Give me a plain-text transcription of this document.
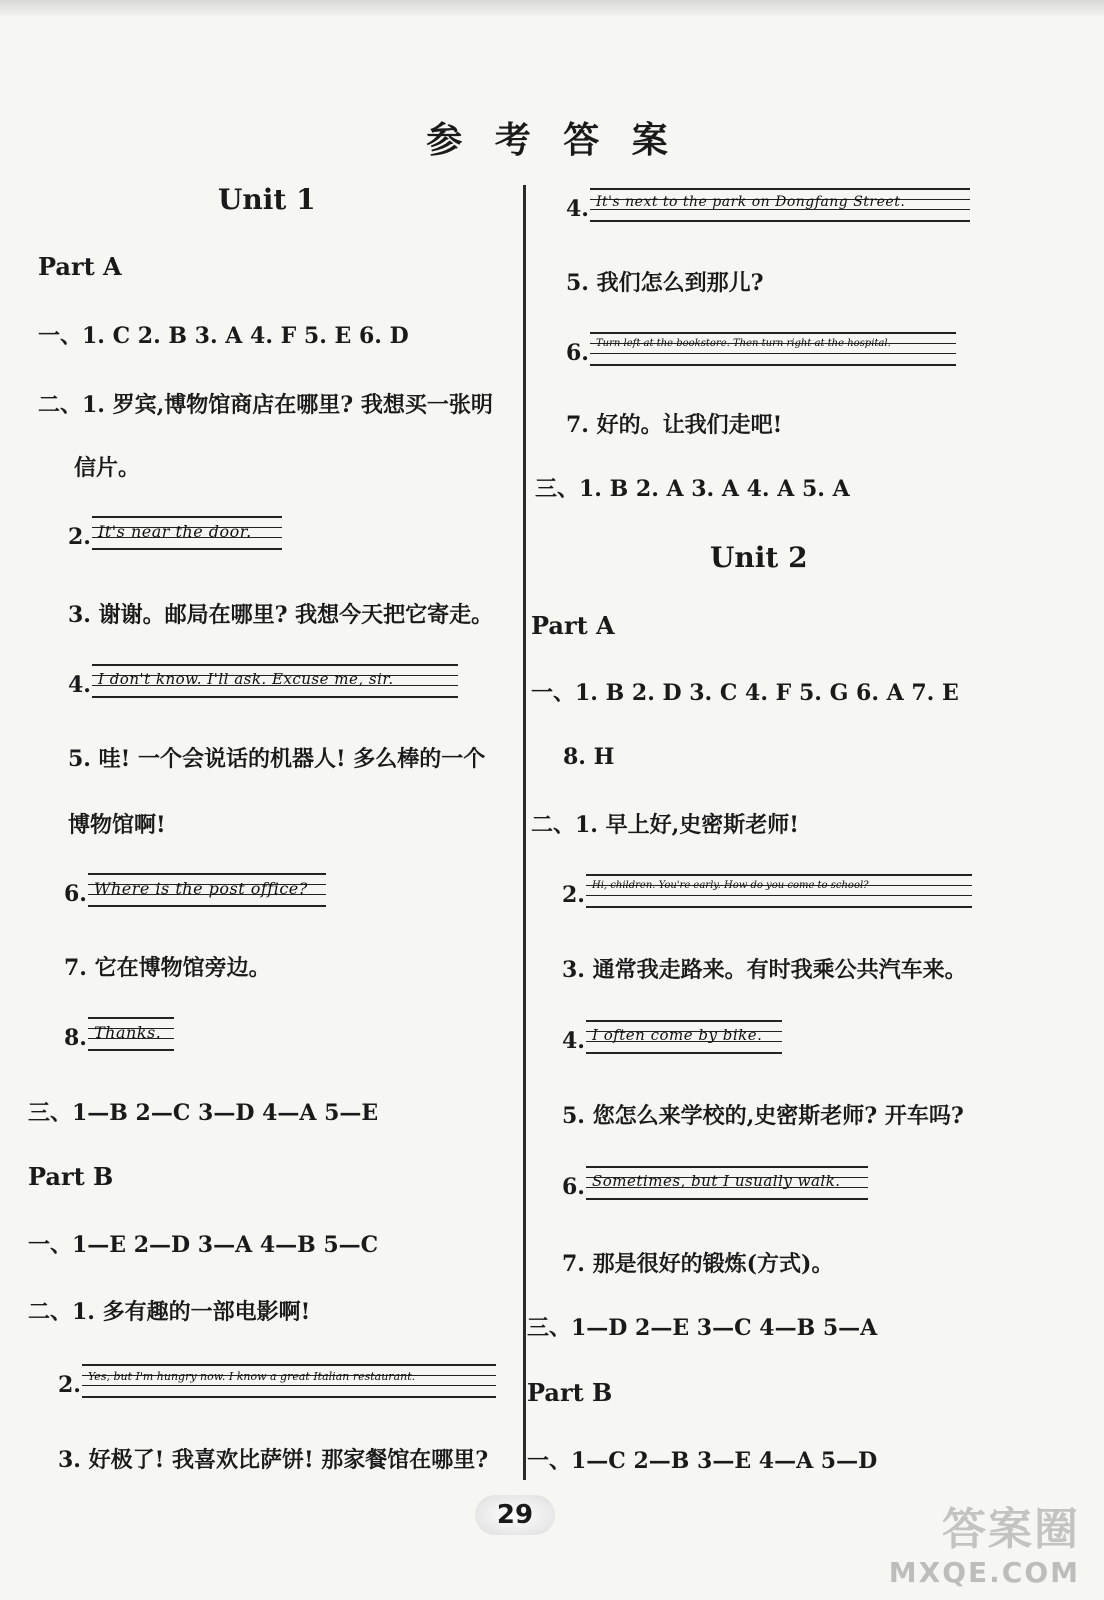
参 考 答 案
Unit 1
Part A
一、1. C 2. B 3. A 4. F 5. E 6. D
二、1. 罗宾,博物馆商店在哪里? 我想买一张明
信片。
2. It's near the door.
3. 谢谢。邮局在哪里? 我想今天把它寄走。
4. I don't know. I'll ask. Excuse me, sir.
5. 哇! 一个会说话的机器人! 多么棒的一个
博物馆啊!
6. Where is the post office?
7. 它在博物馆旁边。
8. Thanks.
三、1—B 2—C 3—D 4—A 5—E
Part B
一、1—E 2—D 3—A 4—B 5—C
二、1. 多有趣的一部电影啊!
2. Yes, but I'm hungry now. I know a great Italian restaurant.
3. 好极了! 我喜欢比萨饼! 那家餐馆在哪里?
4. It's next to the park on Dongfang Street.
5. 我们怎么到那儿?
6. Turn left at the bookstore. Then turn right at the hospital.
7. 好的。让我们走吧!
三、1. B 2. A 3. A 4. A 5. A
Unit 2
Part A
一、1. B 2. D 3. C 4. F 5. G 6. A 7. E
8. H
二、1. 早上好,史密斯老师!
2. Hi, children. You're early. How do you come to school?
3. 通常我走路来。有时我乘公共汽车来。
4. I often come by bike.
5. 您怎么来学校的,史密斯老师? 开车吗?
6. Sometimes, but I usually walk.
7. 那是很好的锻炼(方式)。
三、1—D 2—E 3—C 4—B 5—A
Part B
一、1—C 2—B 3—E 4—A 5—D
29	答案圈
MXQE.COM
